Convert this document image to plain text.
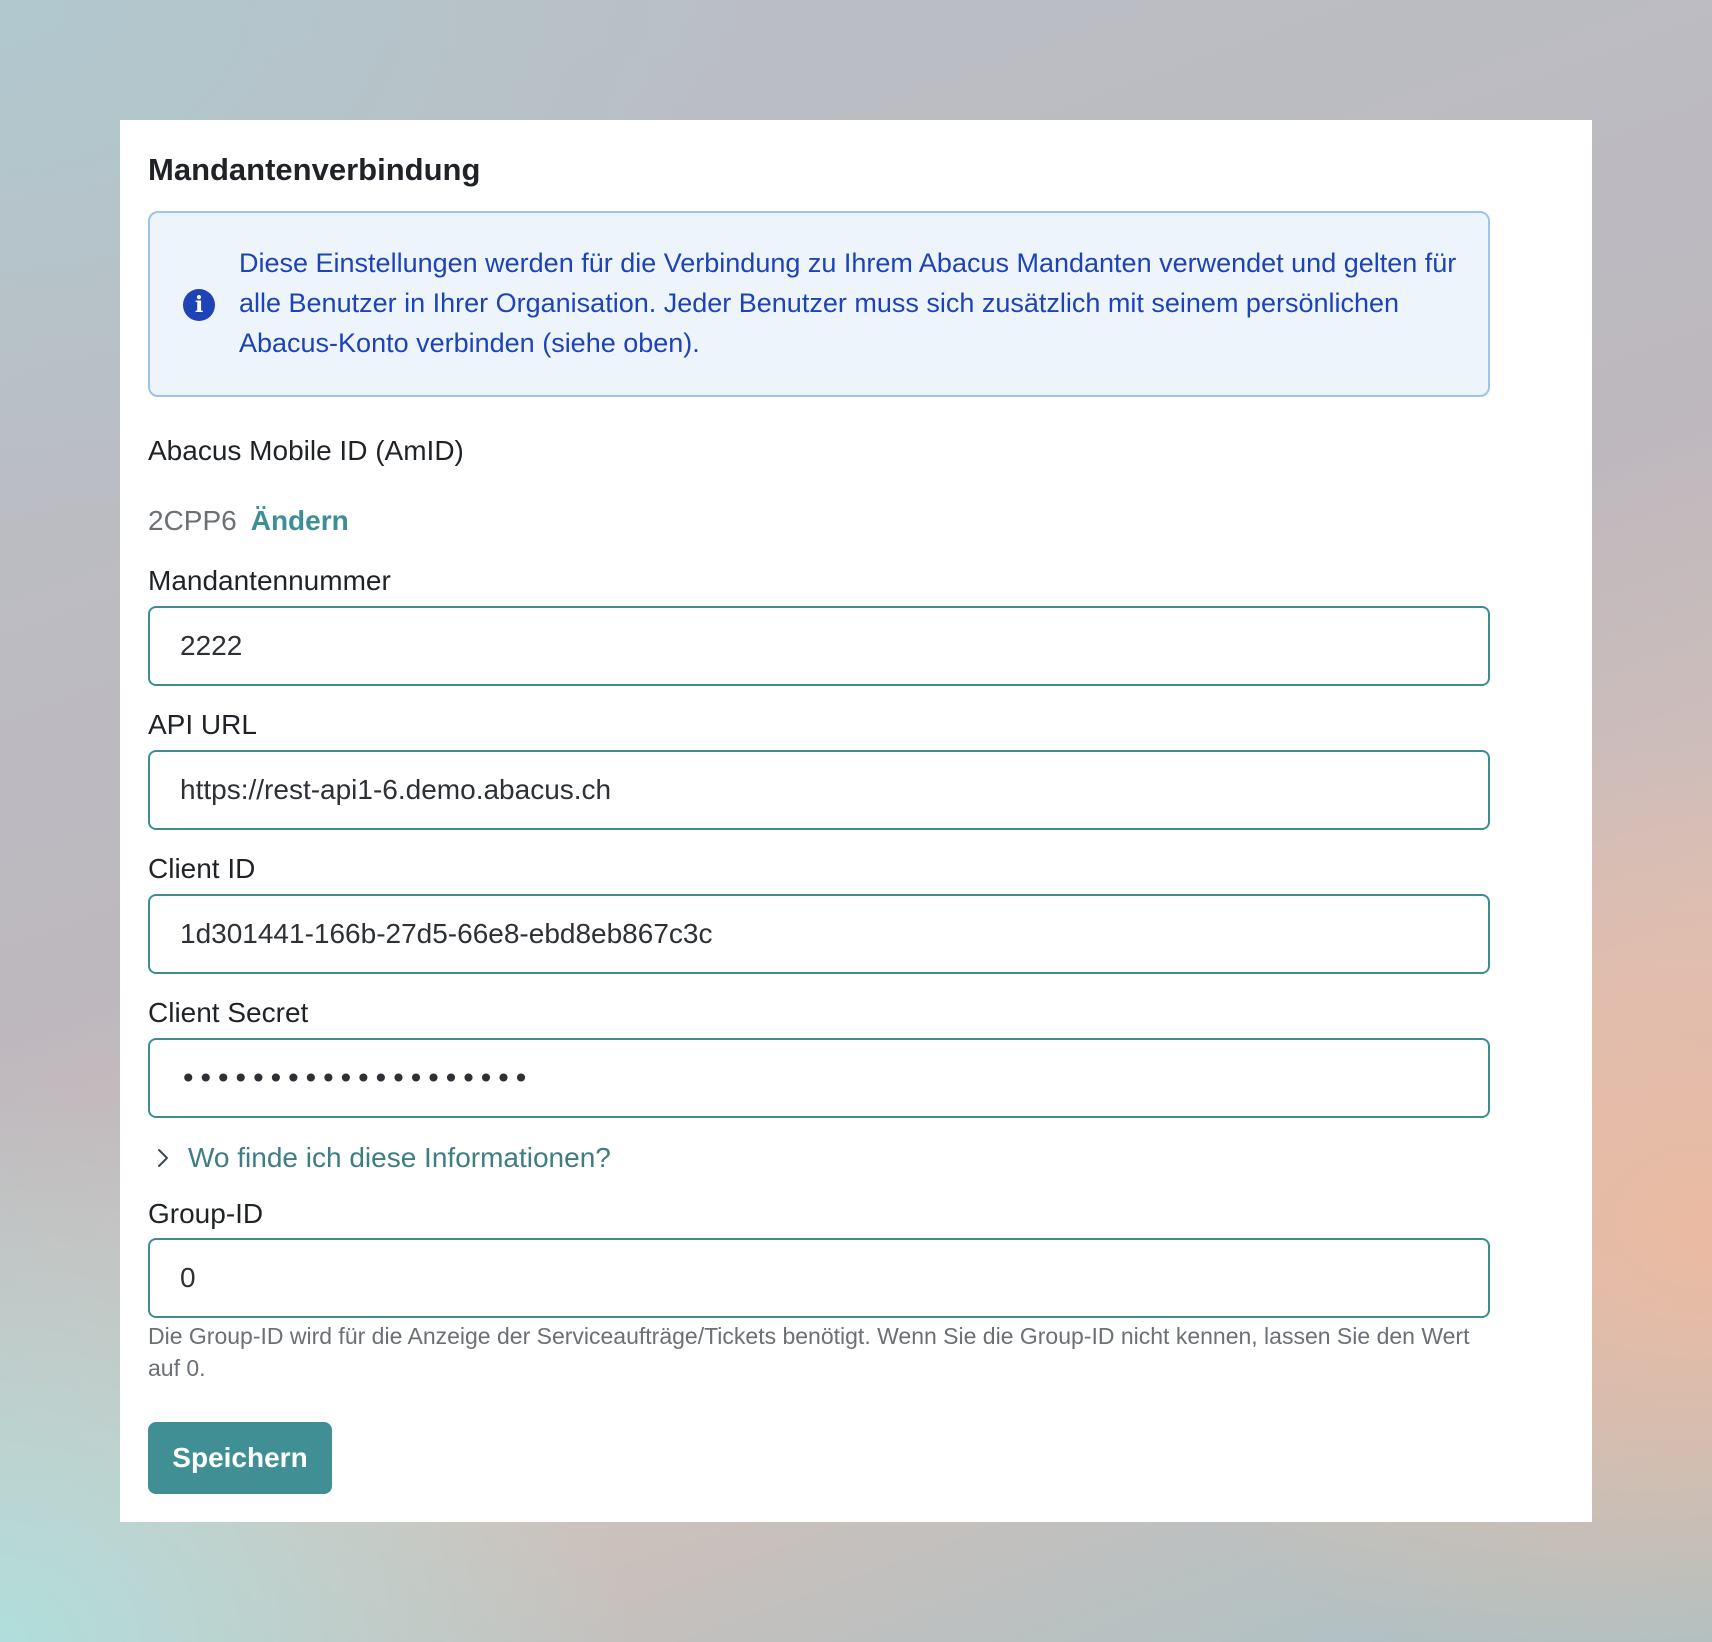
Mandantenverbindung
i
Diese Einstellungen werden für die Verbindung zu Ihrem Abacus Mandanten verwendet und gelten für alle Benutzer in Ihrer Organisation. Jeder Benutzer muss sich zusätzlich mit seinem persönlichen Abacus-Konto verbinden (siehe oben).

Abacus Mobile ID (AmID)

2CPP6 Ändern

Mandantennummer

2222

API URL

https://rest-api1-6.demo.abacus.ch

Client ID

1d301441-166b-27d5-66e8-ebd8eb867c3c

Client Secret

••••••••••••••••••••
Wo finde ich diese Informationen?

Group-ID

0
Die Group-ID wird für die Anzeige der Serviceaufträge/Tickets benötigt. Wenn Sie die Group-ID nicht kennen, lassen Sie den Wert auf 0.
Speichern
